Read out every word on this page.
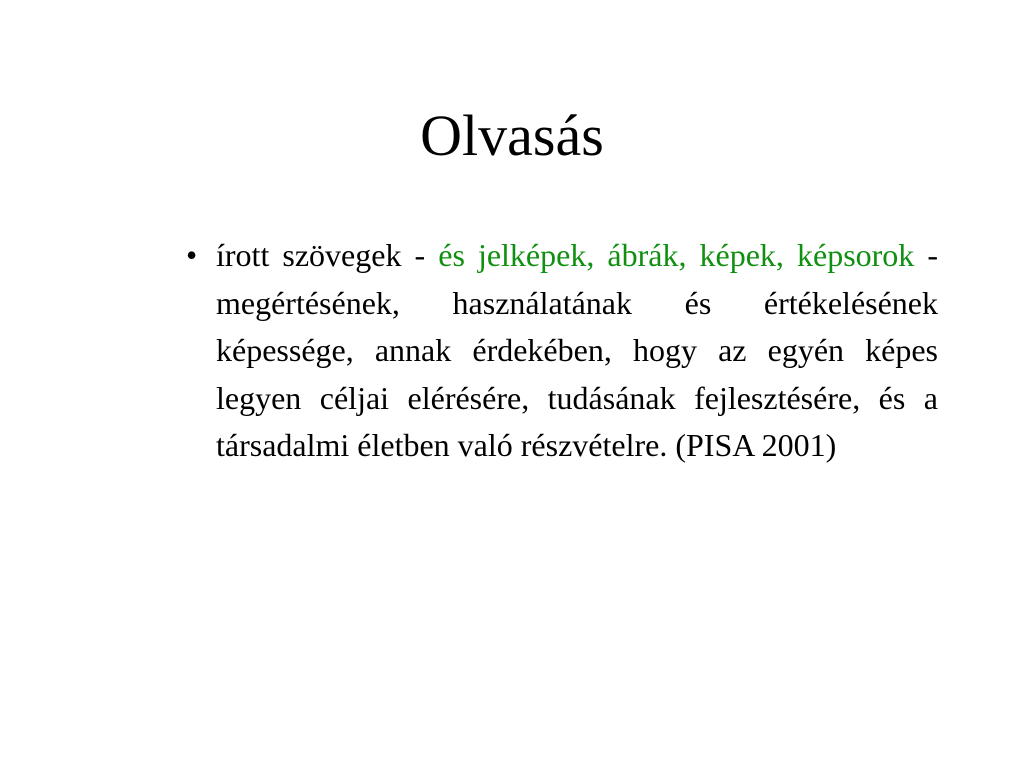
Olvasás
• írott szövegek - és jelképek, ábrák, képek, képsorok - megértésének, használatának és értékelésének képessége, annak érdekében, hogy az egyén képes legyen céljai elérésére, tudásának fejlesztésére, és a társadalmi életben való részvételre. (PISA 2001)
